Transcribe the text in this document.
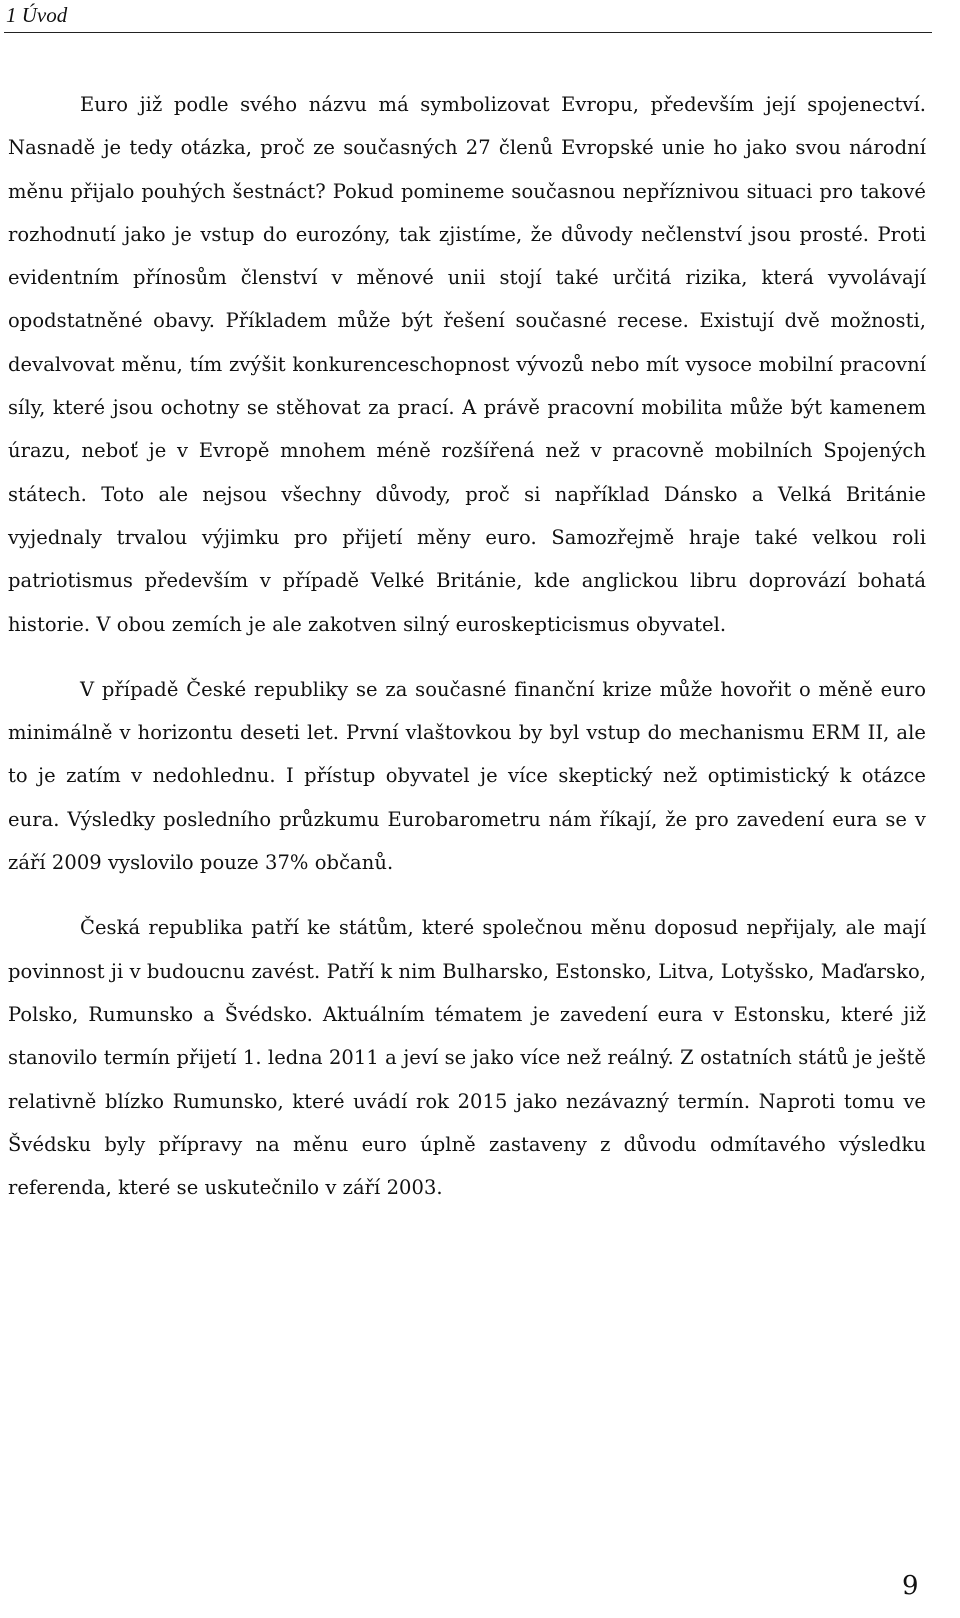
1 Úvod

Euro již podle svého názvu má symbolizovat Evropu, především její spojenectví. Nasnadě je tedy otázka, proč ze současných 27 členů Evropské unie ho jako svou národní měnu přijalo pouhých šestnáct? Pokud pomineme současnou nepříznivou situaci pro takové rozhodnutí jako je vstup do eurozóny, tak zjistíme, že důvody nečlenství jsou prosté. Proti evidentním přínosům členství v měnové unii stojí také určitá rizika, která vyvolávají opodstatněné obavy. Příkladem může být řešení současné recese. Existují dvě možnosti, devalvovat měnu, tím zvýšit konkurenceschopnost vývozů nebo mít vysoce mobilní pracovní síly, které jsou ochotny se stěhovat za prací. A právě pracovní mobilita může být kamenem úrazu, neboť je v Evropě mnohem méně rozšířená než v pracovně mobilních Spojených státech. Toto ale nejsou všechny důvody, proč si například Dánsko a Velká Británie vyjednaly trvalou výjimku pro přijetí měny euro. Samozřejmě hraje také velkou roli patriotismus především v případě Velké Británie, kde anglickou libru doprovází bohatá historie. V obou zemích je ale zakotven silný euroskepticismus obyvatel.

V případě České republiky se za současné finanční krize může hovořit o měně euro minimálně v horizontu deseti let. První vlaštovkou by byl vstup do mechanismu ERM II, ale to je zatím v nedohlednu. I přístup obyvatel je více skeptický než optimistický k otázce eura. Výsledky posledního průzkumu Eurobarometru nám říkají, že pro zavedení eura se v září 2009 vyslovilo pouze 37% občanů.

Česká republika patří ke státům, které společnou měnu doposud nepřijaly, ale mají povinnost ji v budoucnu zavést. Patří k nim Bulharsko, Estonsko, Litva, Lotyšsko, Maďarsko, Polsko, Rumunsko a Švédsko. Aktuálním tématem je zavedení eura v Estonsku, které již stanovilo termín přijetí 1. ledna 2011 a jeví se jako více než reálný. Z ostatních států je ještě relativně blízko Rumunsko, které uvádí rok 2015 jako nezávazný termín. Naproti tomu ve Švédsku byly přípravy na měnu euro úplně zastaveny z důvodu odmítavého výsledku referenda, které se uskutečnilo v září 2003.

9
